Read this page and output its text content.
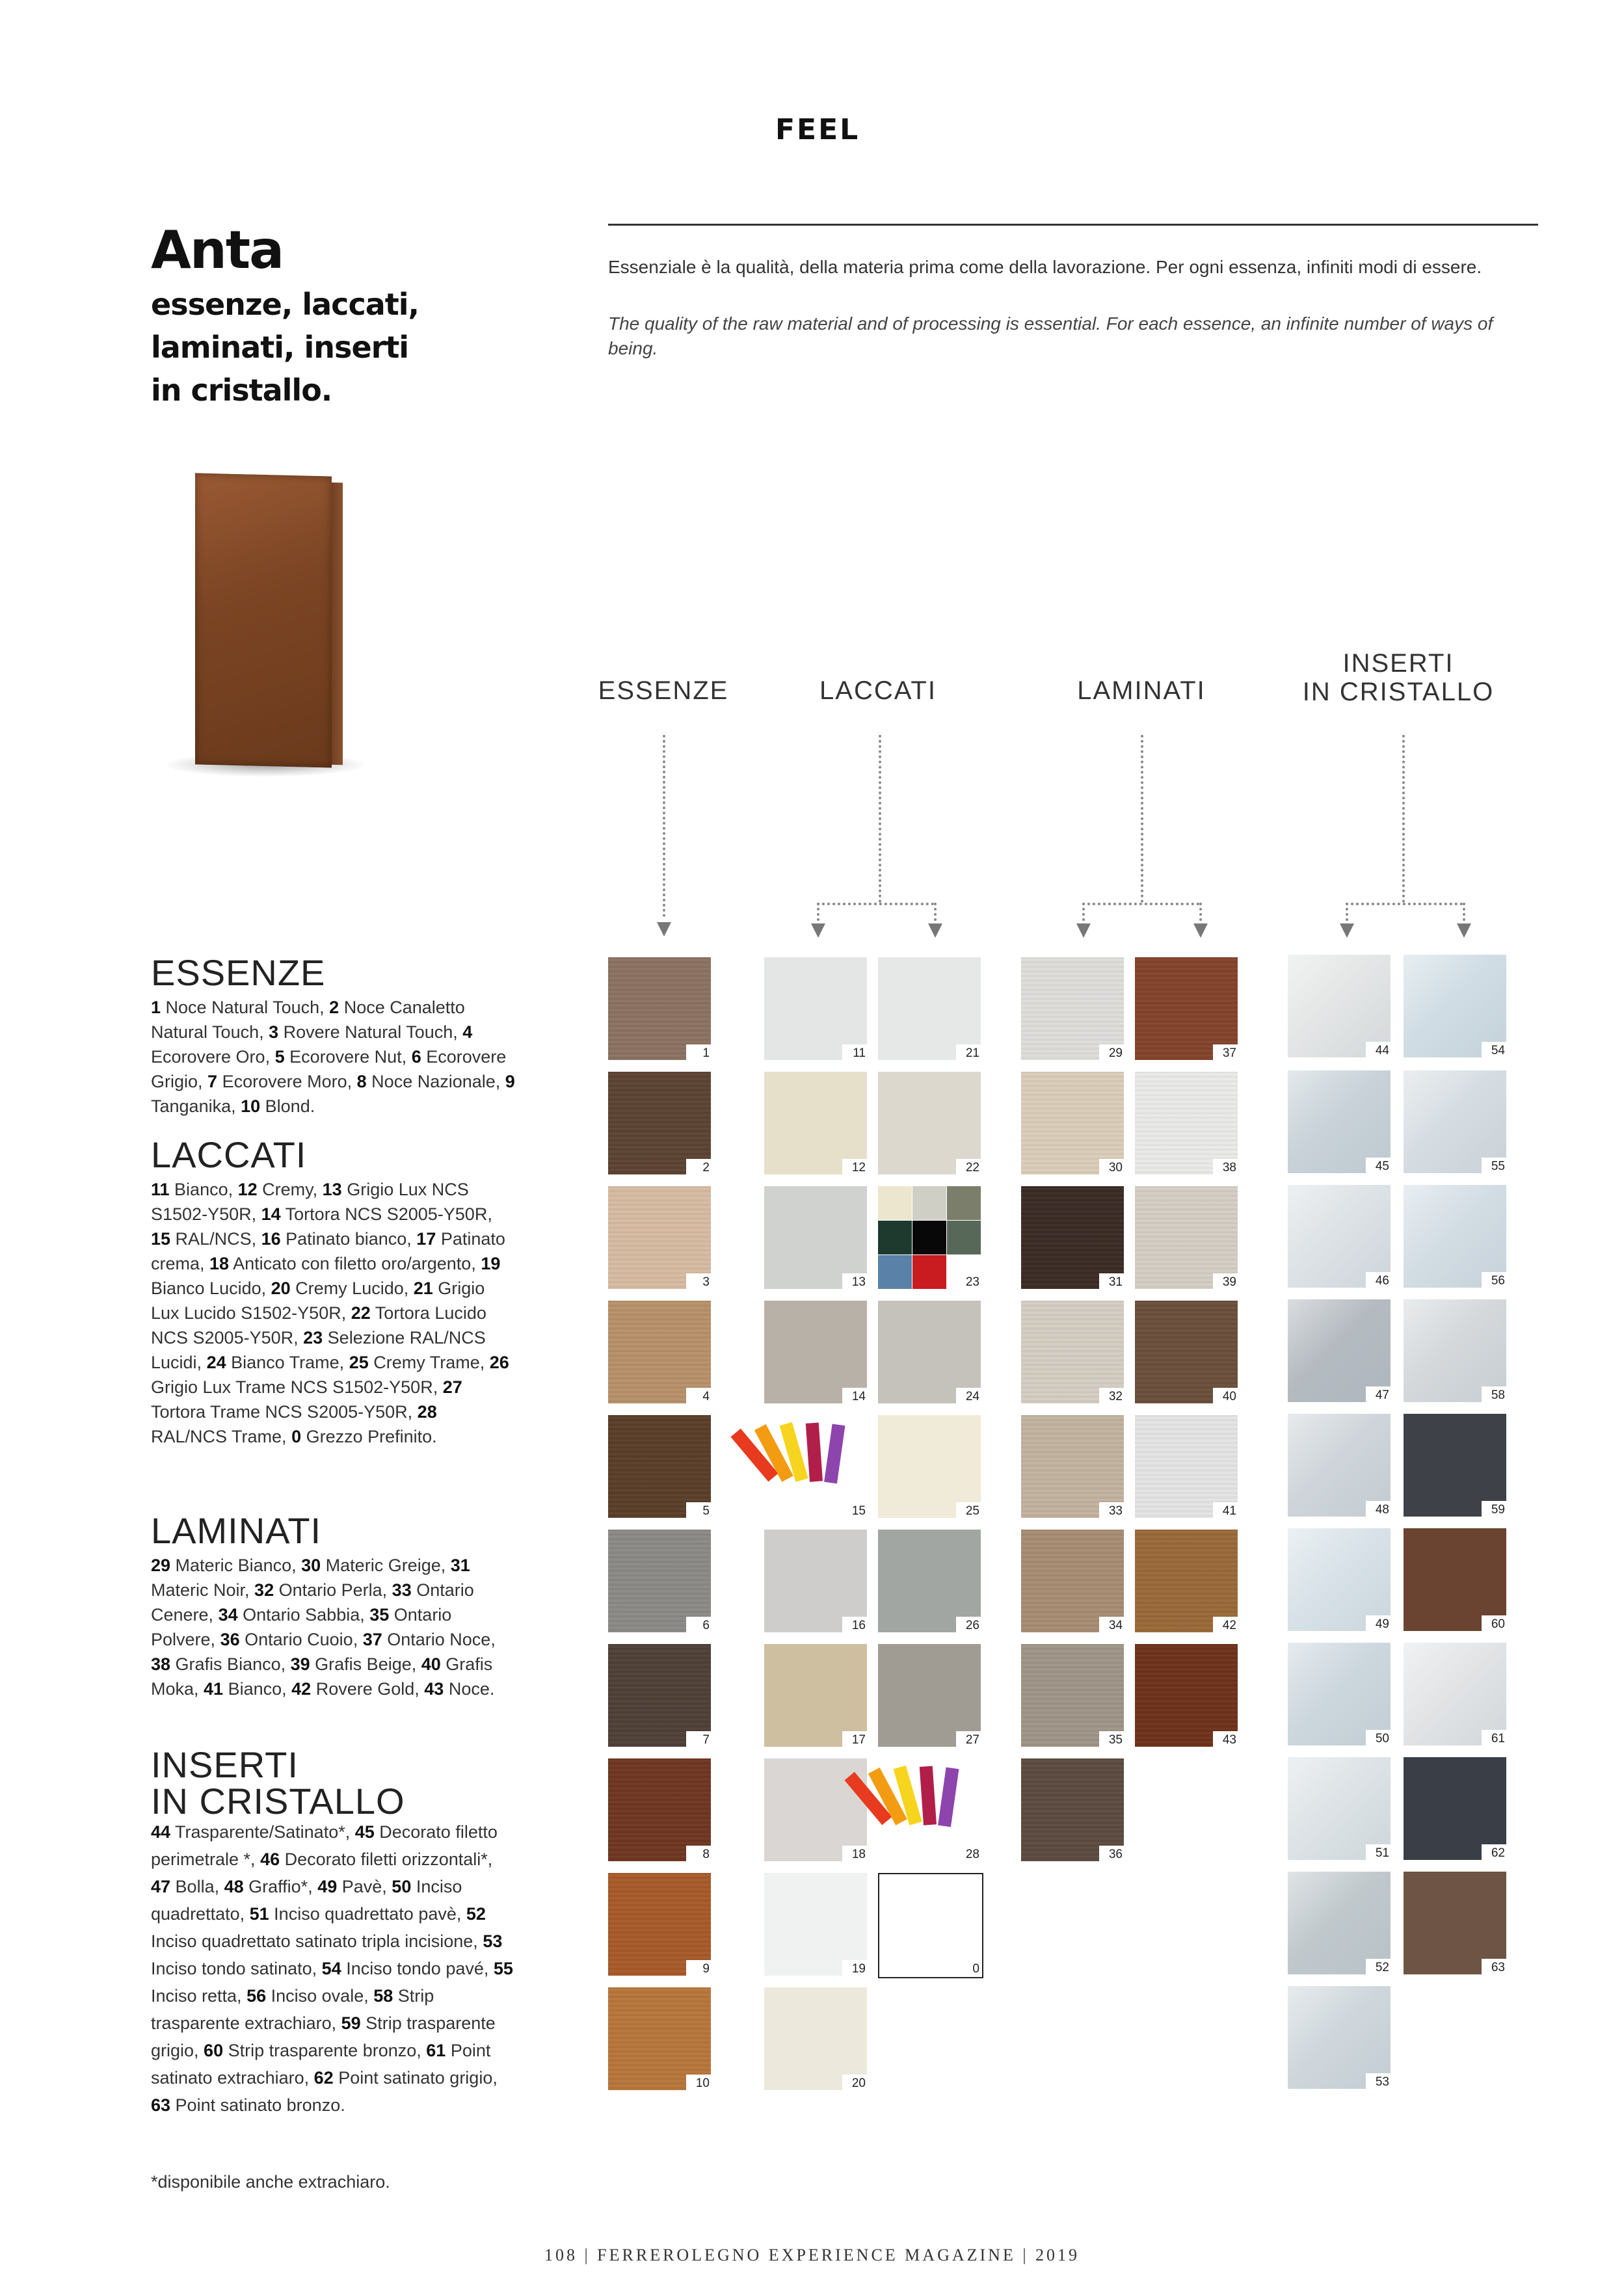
FEEL
Anta
essenze, laccati,
laminati, inserti
in cristallo.
Essenziale è la qualità, della materia prima come della lavorazione. Per ogni essenza, infiniti modi di essere.
The quality of the raw material and of processing is essential. For each essence, an infinite number of ways of being.
ESSENZE	LACCATI	LAMINATI
INSERTI
IN CRISTALLO
1
2
3
4
5
6
7
8
9
10
11
12
13
14
15
16
17
18
19
20
21
22
23
24
25
26
27
28
0
29
30
31
32
33
34
35
36
37
38
39
40
41
42
43
44
45
46
47
48
49
50
51
52
53
54
55
56
58
59
60
61
62
63
ESSENZE
1 Noce Natural Touch, 2 Noce Canaletto Natural Touch, 3 Rovere Natural Touch, 4 Ecorovere Oro, 5 Ecorovere Nut, 6 Ecorovere Grigio, 7 Ecorovere Moro, 8 Noce Nazionale, 9 Tanganika, 10 Blond.
LACCATI
11 Bianco, 12 Cremy, 13 Grigio Lux NCS S1502-Y50R, 14 Tortora NCS S2005-Y50R, 15 RAL/NCS, 16 Patinato bianco, 17 Patinato crema, 18 Anticato con filetto oro/argento, 19 Bianco Lucido, 20 Cremy Lucido, 21 Grigio Lux Lucido S1502-Y50R, 22 Tortora Lucido NCS S2005-Y50R, 23 Selezione RAL/NCS Lucidi, 24 Bianco Trame, 25 Cremy Trame, 26 Grigio Lux Trame NCS S1502-Y50R, 27 Tortora Trame NCS S2005-Y50R, 28 RAL/NCS Trame, 0 Grezzo Prefinito.
LAMINATI
29 Materic Bianco, 30 Materic Greige, 31 Materic Noir, 32 Ontario Perla, 33 Ontario Cenere, 34 Ontario Sabbia, 35 Ontario Polvere, 36 Ontario Cuoio, 37 Ontario Noce, 38 Grafis Bianco, 39 Grafis Beige, 40 Grafis Moka, 41 Bianco, 42 Rovere Gold, 43 Noce.
INSERTI
IN CRISTALLO
44 Trasparente/Satinato*, 45 Decorato filetto perimetrale *, 46 Decorato filetti orizzontali*, 47 Bolla, 48 Graffio*, 49 Pavè, 50 Inciso quadrettato, 51 Inciso quadrettato pavè, 52 Inciso quadrettato satinato tripla incisione, 53 Inciso tondo satinato, 54 Inciso tondo pavé, 55 Inciso retta, 56 Inciso ovale, 58 Strip trasparente extrachiaro, 59 Strip trasparente grigio, 60 Strip trasparente bronzo, 61 Point satinato extrachiaro, 62 Point satinato grigio, 63 Point satinato bronzo.
*disponibile anche extrachiaro.
108 | FERREROLEGNO EXPERIENCE MAGAZINE | 2019
